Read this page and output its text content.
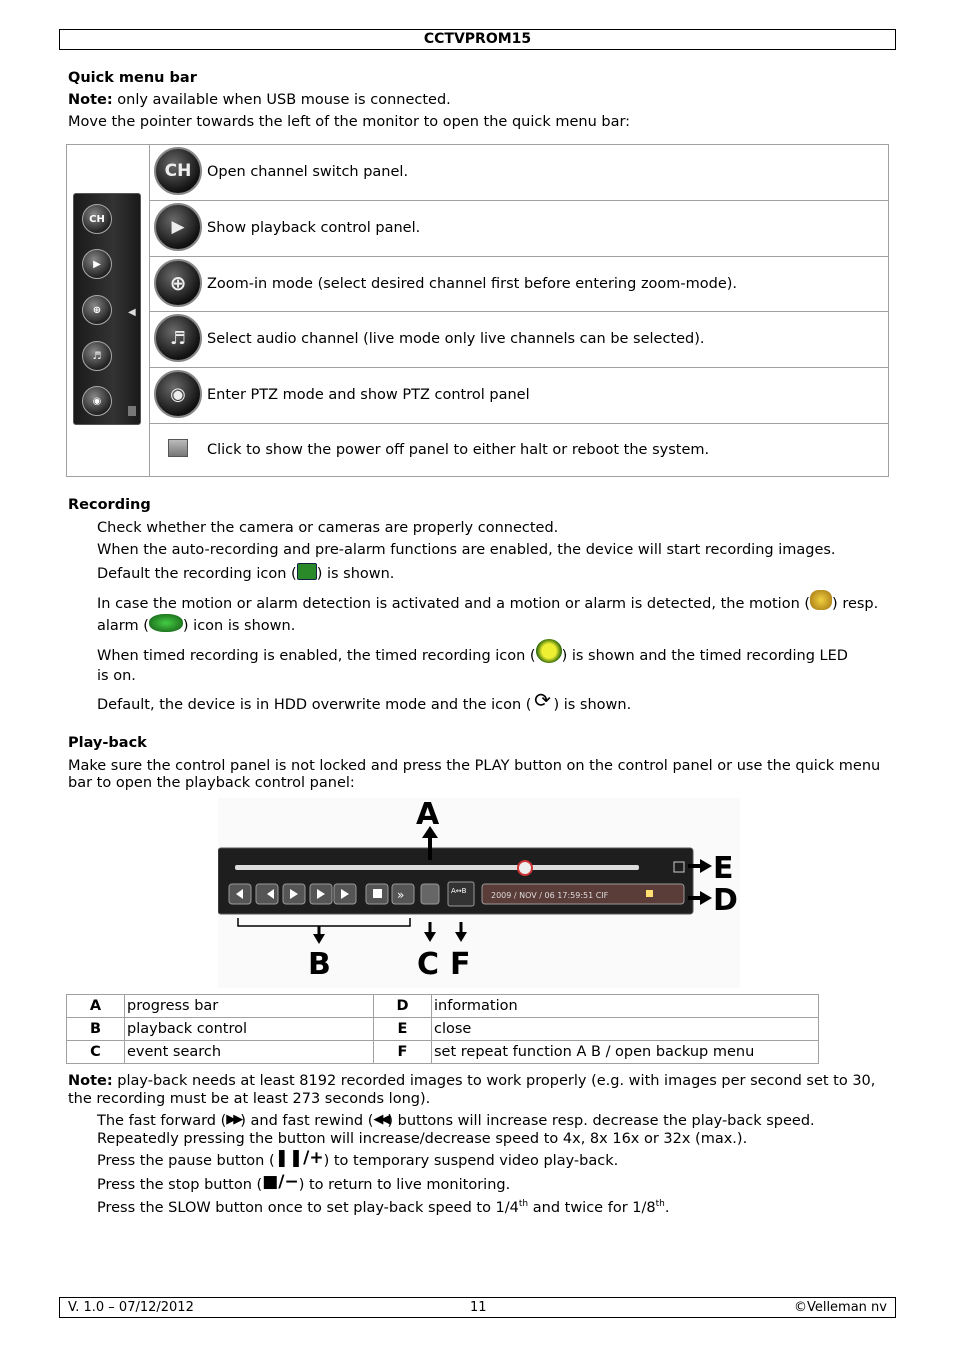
CCTVPROM15
Quick menu bar
Note: only available when USB mouse is connected.
Move the pointer towards the left of the monitor to open the quick menu bar:
CH
▶
⊕
♬
◉
◀
CH	Open channel switch panel.
▶	Show playback control panel.
⊕	Zoom-in mode (select desired channel first before entering zoom-mode).
♬	Select audio channel (live mode only live channels can be selected).
◉	Enter PTZ mode and show PTZ control panel
Click to show the power off panel to either halt or reboot the system.
Recording
Check whether the camera or cameras are properly connected.
When the auto-recording and pre-alarm functions are enabled, the device will start recording images.
Default the recording icon ( ) is shown.
In case the motion or alarm detection is activated and a motion or alarm is detected, the motion ( ) resp.
alarm ( ) icon is shown.
When timed recording is enabled, the timed recording icon ( ) is shown and the timed recording LED
is on.
Default, the device is in HDD overwrite mode and the icon ( ⟳ ) is shown.
Play-back
Make sure the control panel is not locked and press the PLAY button on the control panel or use the quick menu
bar to open the playback control panel:
»	A↔B	2009 / NOV / 06 17:59:51 CIF
A
E
D
B	C F
A	progress bar	D	information
B	playback control	E	close
C	event search	F	set repeat function A B / open backup menu
Note: play-back needs at least 8192 recorded images to work properly (e.g. with images per second set to 30,
the recording must be at least 273 seconds long).
The fast forward (▶▶) and fast rewind (◀◀) buttons will increase resp. decrease the play-back speed.
Repeatedly pressing the button will increase/decrease speed to 4x, 8x 16x or 32x (max.).
Press the pause button (❚❚/+) to temporary suspend video play-back.
Press the stop button (■/−) to return to live monitoring.
Press the SLOW button once to set play-back speed to 1/4th and twice for 1/8th.
V. 1.0 – 07/12/2012	11	©Velleman nv
